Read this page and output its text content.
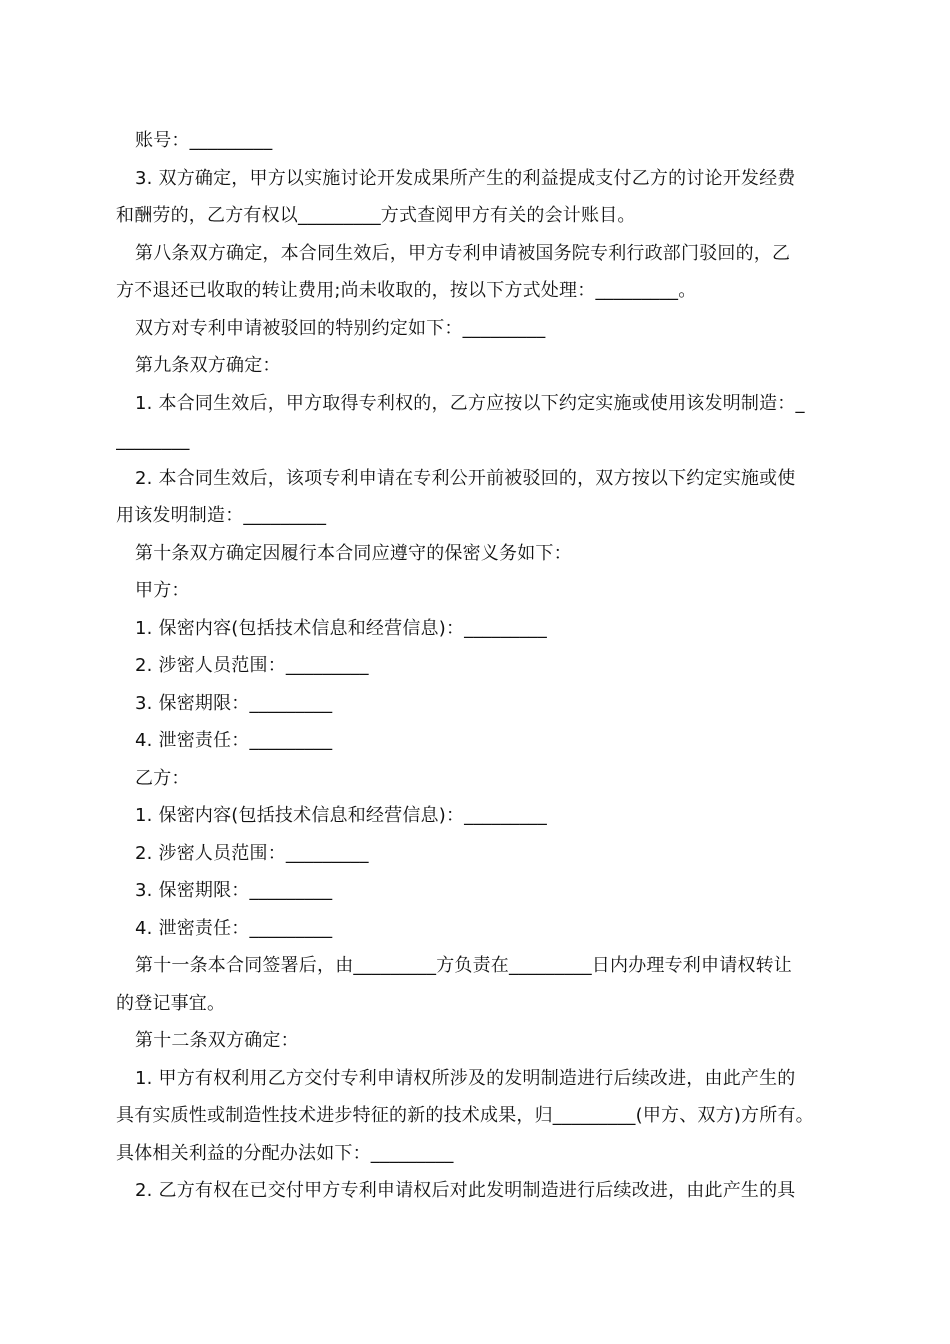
账号：_________
3. 双方确定，甲方以实施讨论开发成果所产生的利益提成支付乙方的讨论开发经费
和酬劳的，乙方有权以_________方式查阅甲方有关的会计账目。
第八条双方确定，本合同生效后，甲方专利申请被国务院专利行政部门驳回的，乙
方不退还已收取的转让费用;尚未收取的，按以下方式处理：_________。
双方对专利申请被驳回的特别约定如下：_________
第九条双方确定：
1. 本合同生效后，甲方取得专利权的，乙方应按以下约定实施或使用该发明制造：_
________
2. 本合同生效后，该项专利申请在专利公开前被驳回的，双方按以下约定实施或使
用该发明制造：_________
第十条双方确定因履行本合同应遵守的保密义务如下：
甲方：
1. 保密内容(包括技术信息和经营信息)：_________
2. 涉密人员范围：_________
3. 保密期限：_________
4. 泄密责任：_________
乙方：
1. 保密内容(包括技术信息和经营信息)：_________
2. 涉密人员范围：_________
3. 保密期限：_________
4. 泄密责任：_________
第十一条本合同签署后，由_________方负责在_________日内办理专利申请权转让
的登记事宜。
第十二条双方确定：
1. 甲方有权利用乙方交付专利申请权所涉及的发明制造进行后续改进，由此产生的
具有实质性或制造性技术进步特征的新的技术成果，归_________(甲方、双方)方所有。
具体相关利益的分配办法如下：_________
2. 乙方有权在已交付甲方专利申请权后对此发明制造进行后续改进，由此产生的具
